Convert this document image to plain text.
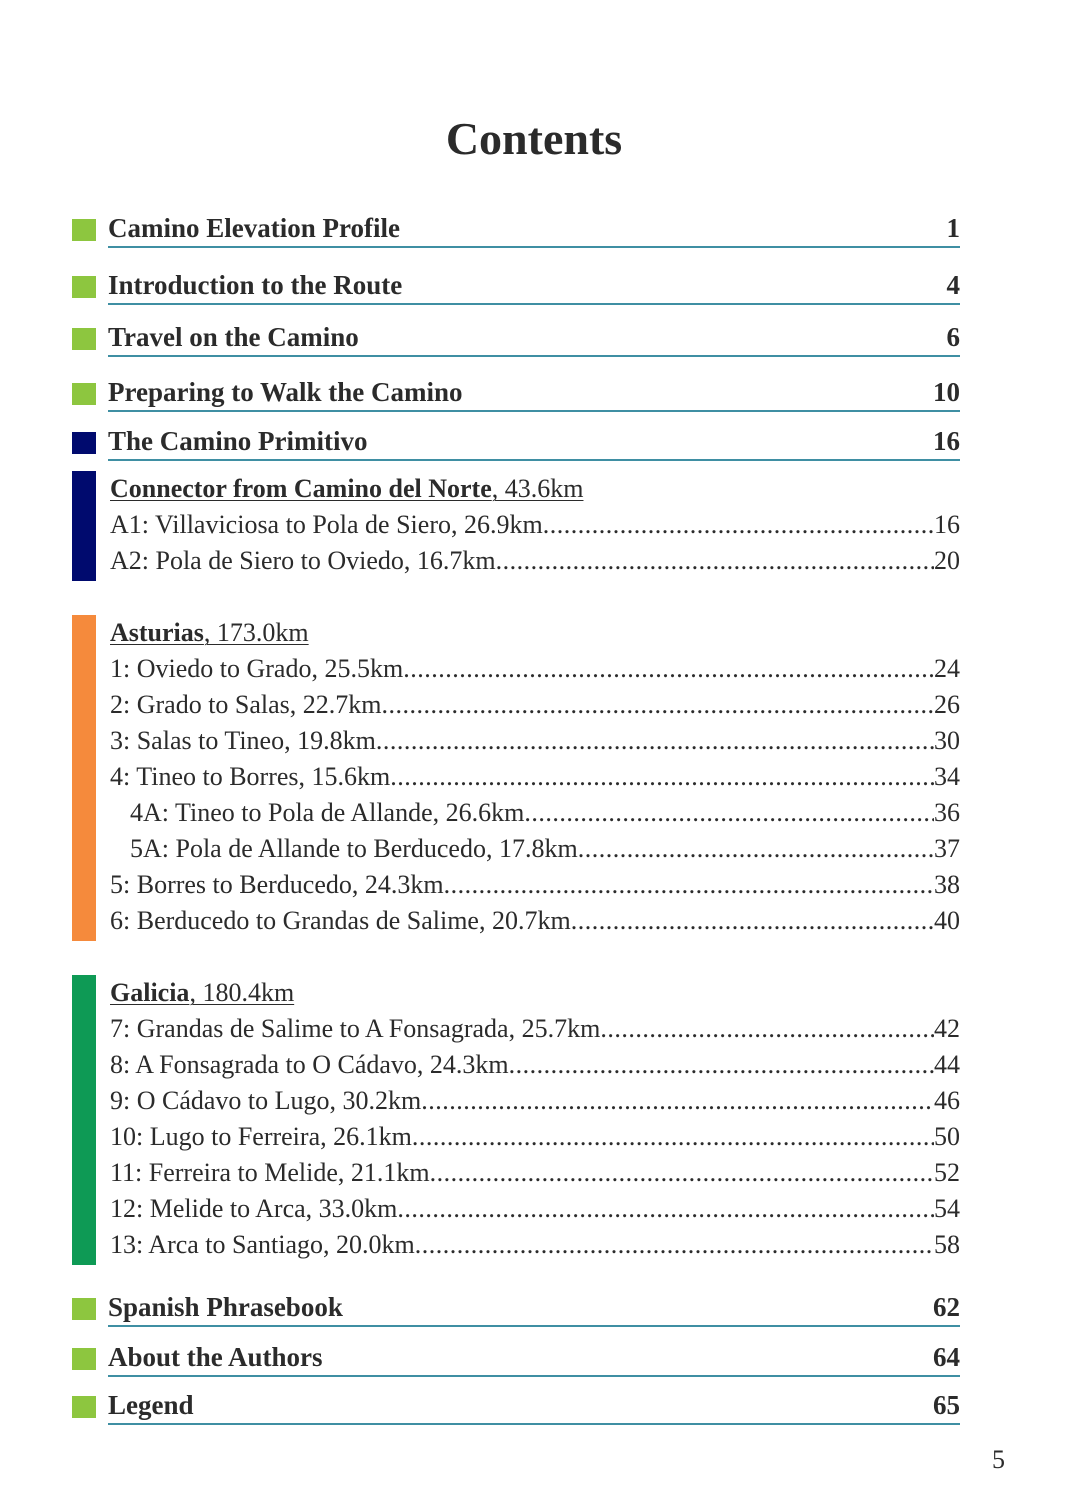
Contents
Camino Elevation Profile	1
Introduction to the Route	4
Travel on the Camino	6
Preparing to Walk the Camino	10
The Camino Primitivo	16
Spanish Phrasebook	62
About the Authors	64
Legend	65
Connector from Camino del Norte, 43.6km
A1: Villaviciosa to Pola de Siero, 26.9km .....	16
A2: Pola de Siero to Oviedo, 16.7km .....	20
Asturias, 173.0km
1: Oviedo to Grado, 25.5km .....	24
2: Grado to Salas, 22.7km .....	26
3: Salas to Tineo, 19.8km .....	30
4: Tineo to Borres, 15.6km .....	34
4A: Tineo to Pola de Allande, 26.6km .....	36
5A: Pola de Allande to Berducedo, 17.8km .....	37
5: Borres to Berducedo, 24.3km .....	38
6: Berducedo to Grandas de Salime, 20.7km .....	40
Galicia, 180.4km
7: Grandas de Salime to A Fonsagrada, 25.7km .....	42
8: A Fonsagrada to O Cádavo, 24.3km .....	44
9: O Cádavo to Lugo, 30.2km .....	46
10: Lugo to Ferreira, 26.1km .....	50
11: Ferreira to Melide, 21.1km .....	52
12: Melide to Arca, 33.0km .....	54
13: Arca to Santiago, 20.0km .....	58
5
